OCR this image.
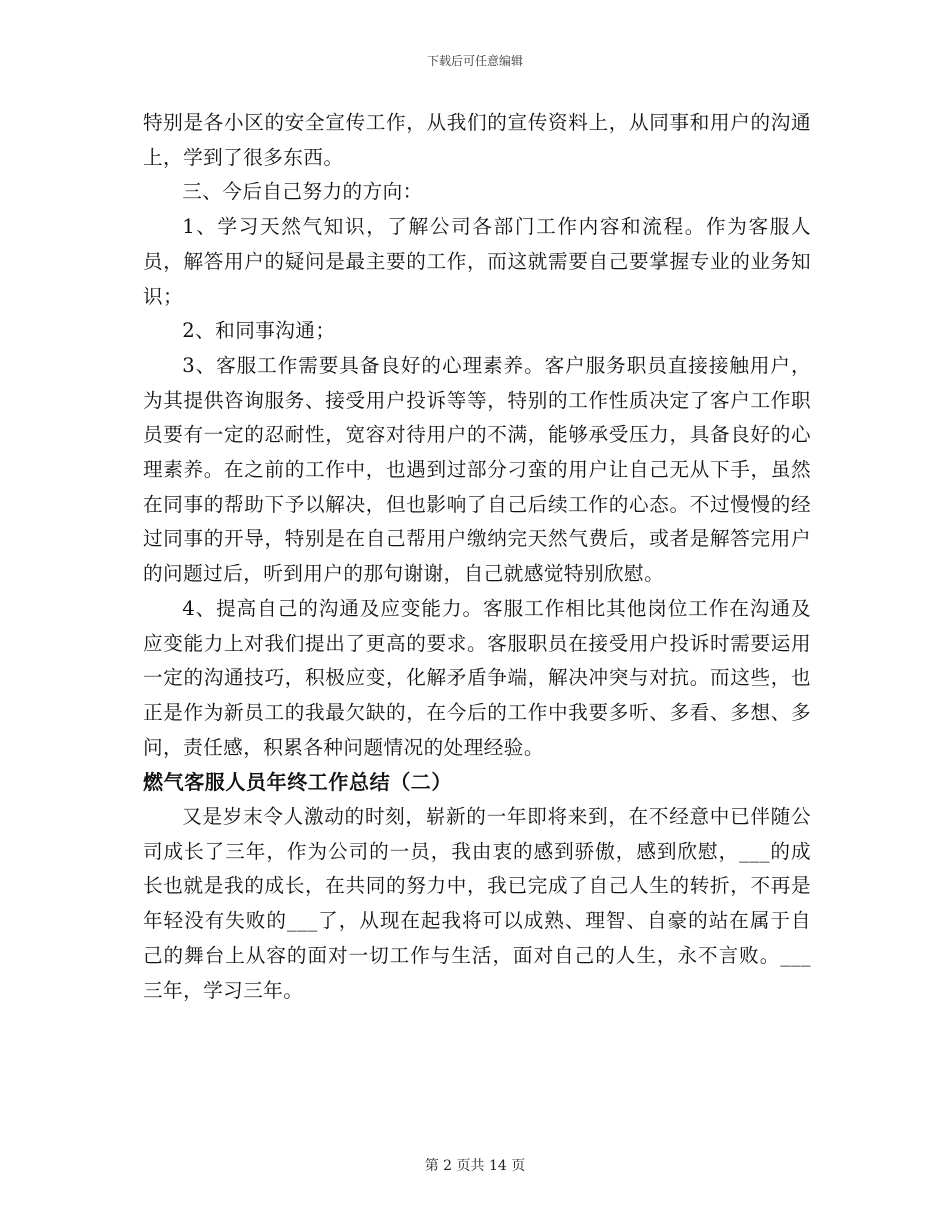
下载后可任意编辑

特别是各小区的安全宣传工作，从我们的宣传资料上，从同事和用户的沟通上，学到了很多东西。

三、今后自己努力的方向：

1、学习天然气知识，了解公司各部门工作内容和流程。作为客服人员，解答用户的疑问是最主要的工作，而这就需要自己要掌握专业的业务知识；

2、和同事沟通；

3、客服工作需要具备良好的心理素养。客户服务职员直接接触用户，为其提供咨询服务、接受用户投诉等等，特别的工作性质决定了客户工作职员要有一定的忍耐性，宽容对待用户的不满，能够承受压力，具备良好的心理素养。在之前的工作中，也遇到过部分刁蛮的用户让自己无从下手，虽然在同事的帮助下予以解决，但也影响了自己后续工作的心态。不过慢慢的经过同事的开导，特别是在自己帮用户缴纳完天然气费后，或者是解答完用户的问题过后，听到用户的那句谢谢，自己就感觉特别欣慰。

4、提高自己的沟通及应变能力。客服工作相比其他岗位工作在沟通及应变能力上对我们提出了更高的要求。客服职员在接受用户投诉时需要运用一定的沟通技巧，积极应变，化解矛盾争端，解决冲突与对抗。而这些，也正是作为新员工的我最欠缺的，在今后的工作中我要多听、多看、多想、多问，责任感，积累各种问题情况的处理经验。

燃气客服人员年终工作总结（二）

又是岁末令人激动的时刻，崭新的一年即将来到，在不经意中已伴随公司成长了三年，作为公司的一员，我由衷的感到骄傲，感到欣慰，___的成长也就是我的成长，在共同的努力中，我已完成了自己人生的转折，不再是年轻没有失败的___了，从现在起我将可以成熟、理智、自豪的站在属于自己的舞台上从容的面对一切工作与生活，面对自己的人生，永不言败。___三年，学习三年。

第 2 页共 14 页
